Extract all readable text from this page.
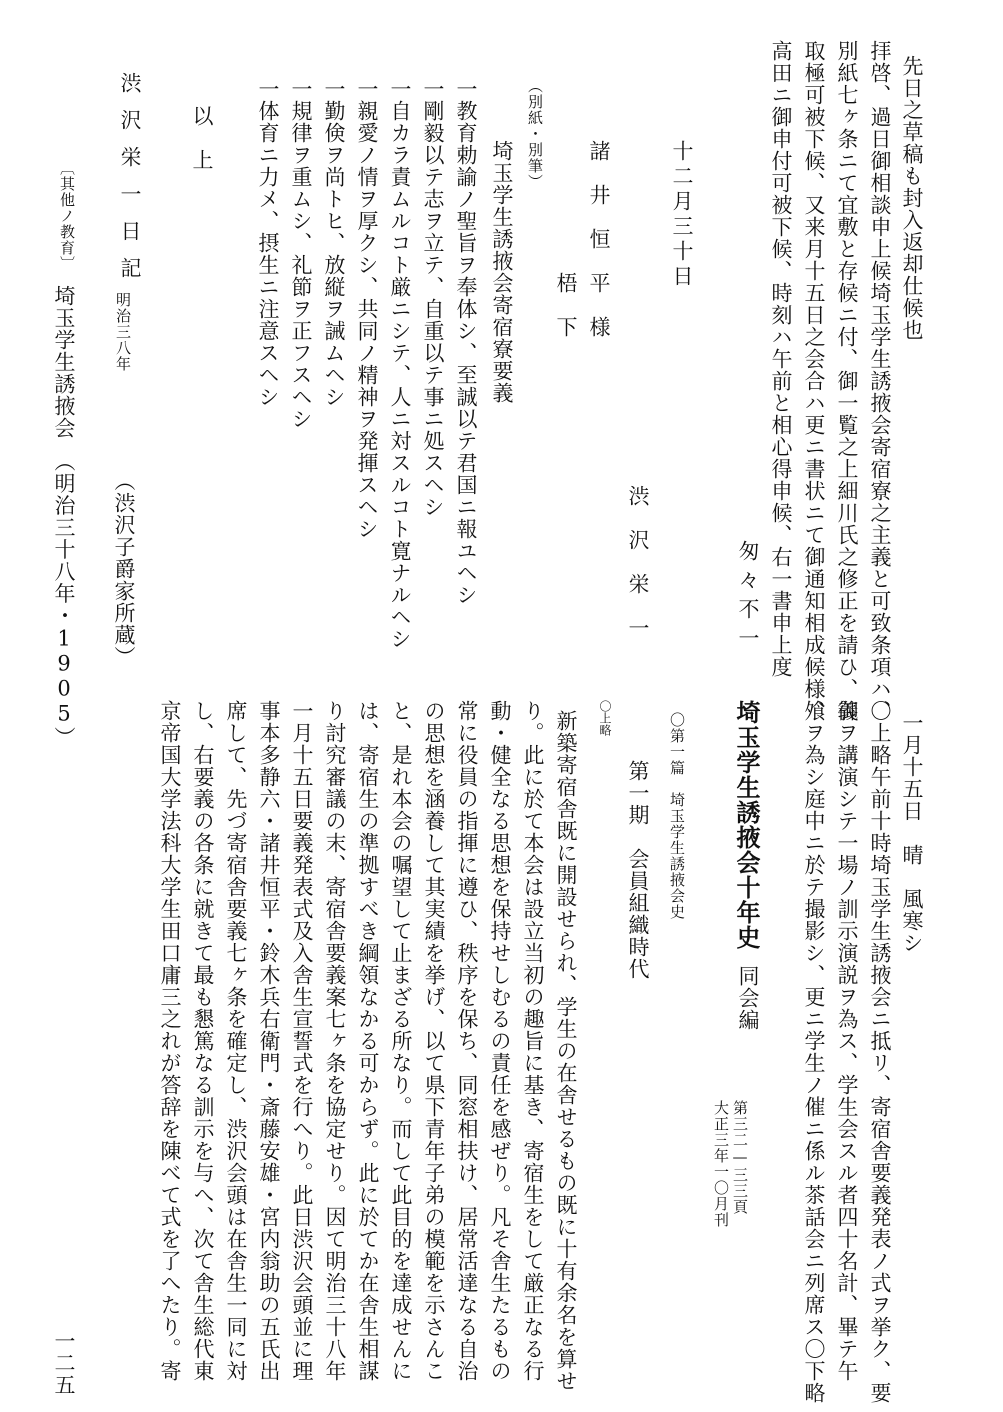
先日之草稿も封入返却仕候也
拝啓、過日御相談申上候埼玉学生誘掖会寄宿寮之主義と可致条項ハ、
別紙七ヶ条ニて宜敷と存候ニ付、御一覧之上細川氏之修正を請ひ、御
取極可被下候、又来月十五日之会合ハ更ニ書状ニて御通知相成候様、
高田ニ御申付可被下候、時刻ハ午前と相心得申候、右一書申上度
匆々不一
十二月三十日
渋　沢　栄　一
諸　井　恒　平　様
梧　下
（別紙・別筆）
埼玉学生誘掖会寄宿寮要義
一教育勅諭ノ聖旨ヲ奉体シ、至誠以テ君国ニ報ユヘシ
一剛毅以テ志ヲ立テ、自重以テ事ニ処スヘシ
一自カラ責ムルコト厳ニシテ、人ニ対スルコト寛ナルヘシ
一親愛ノ情ヲ厚クシ、共同ノ精神ヲ発揮スヘシ
一勤倹ヲ尚トヒ、放縦ヲ誡ムヘシ
一規律ヲ重ムシ、礼節ヲ正フスヘシ
一体育ニ力メ、摂生ニ注意スヘシ
以　上
（渋沢子爵家所蔵）
渋沢栄一日記
明治三八年
〔其他ノ教育〕
埼玉学生誘掖会　（明治三十八年・1905）
一月十五日　晴　風寒シ
〇上略午前十時埼玉学生誘掖会ニ抵リ、寄宿舎要義発表ノ式ヲ挙ク、要
義ヲ講演シテ一場ノ訓示演説ヲ為ス、学生会スル者四十名計、畢テ午
飧ヲ為シ庭中ニ於テ撮影シ、更ニ学生ノ催ニ係ル茶話会ニ列席ス〇下略
埼玉学生誘掖会十年史
同会編
第三二—三三頁
大正三年一〇月刊
〇第一篇　埼玉学生誘掖会史
第一期　会員組織時代
〇上略
新築寄宿舎既に開設せられ、学生の在舎せるもの既に十有余名を算せ
り。此に於て本会は設立当初の趣旨に基き、寄宿生をして厳正なる行
動・健全なる思想を保持せしむるの責任を感ぜり。凡そ舎生たるもの
常に役員の指揮に遵ひ、秩序を保ち、同窓相扶け、居常活達なる自治
の思想を涵養して其実績を挙げ、以て県下青年子弟の模範を示さんこ
と、是れ本会の嘱望して止まざる所なり。而して此目的を達成せんに
は、寄宿生の準拠すべき綱領なかる可からず。此に於てか在舎生相謀
り討究審議の末、寄宿舎要義案七ヶ条を協定せり。因て明治三十八年
一月十五日要義発表式及入舎生宣誓式を行へり。此日渋沢会頭並に理
事本多静六・諸井恒平・鈴木兵右衛門・斎藤安雄・宮内翁助の五氏出
席して、先づ寄宿舎要義七ヶ条を確定し、渋沢会頭は在舎生一同に対
し、右要義の各条に就きて最も懇篤なる訓示を与へ、次て舎生総代東
京帝国大学法科大学生田口庸三之れが答辞を陳べて式を了へたり。寄
一二五
